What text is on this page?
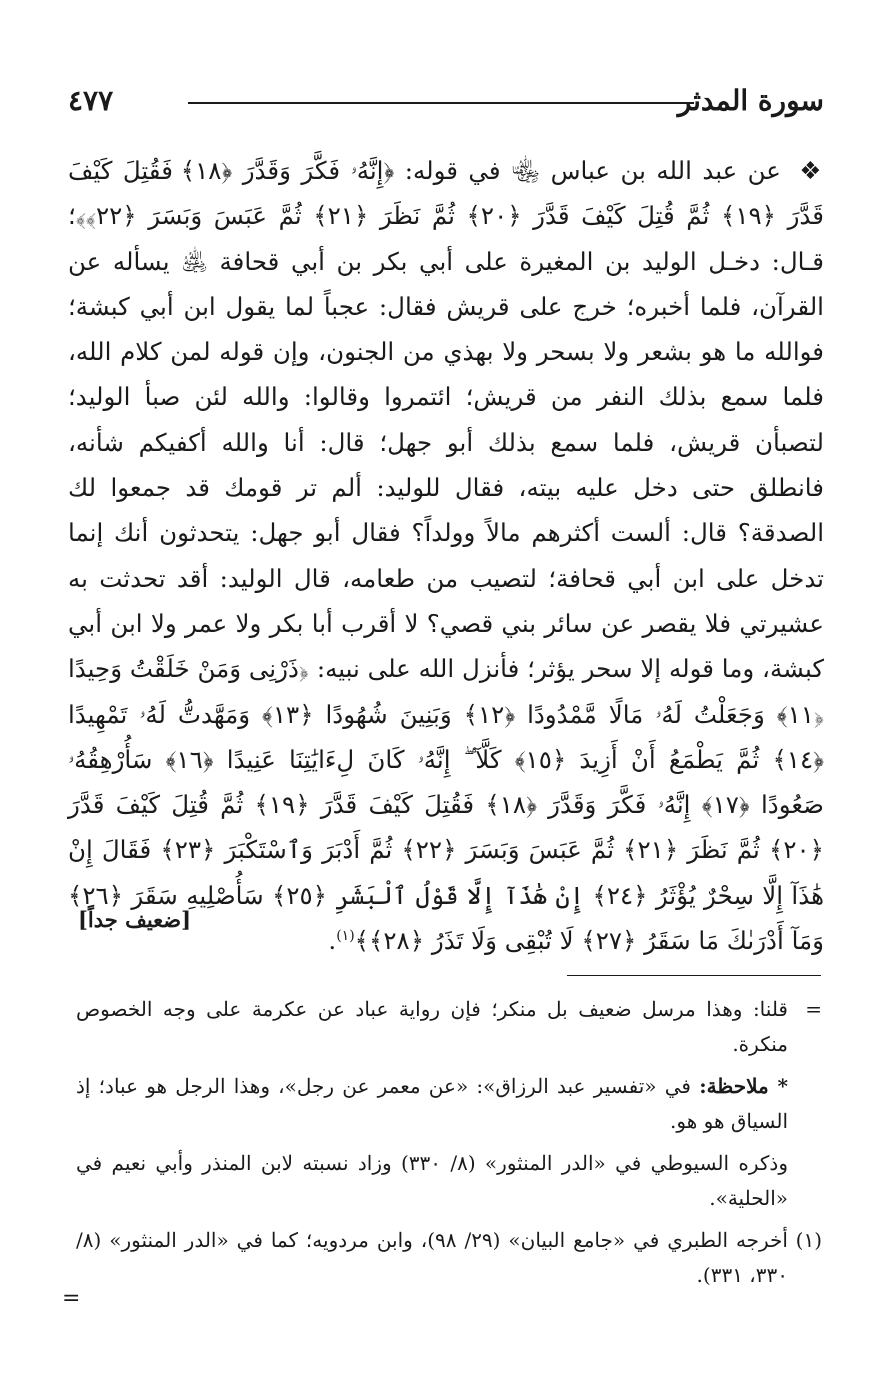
٤٧٧	سورة المدثر

❖ عن عبد الله بن عباس ﵄ في قوله: ﴿إِنَّهُۥ فَكَّرَ وَقَدَّرَ ﴿١٨﴾ فَقُتِلَ كَيْفَ قَدَّرَ ﴿١٩﴾ ثُمَّ قُتِلَ كَيْفَ قَدَّرَ ﴿٢٠﴾ ثُمَّ نَظَرَ ﴿٢١﴾ ثُمَّ عَبَسَ وَبَسَرَ ﴿٢٢﴾﴾؛ قـال: دخـل الوليد بن المغيرة على أبي بكر بن أبي قحافة ﵁ يسأله عن القرآن، فلما أخبره؛ خرج على قريش فقال: عجباً لما يقول ابن أبي كبشة؛ فوالله ما هو بشعر ولا بسحر ولا بهذي من الجنون، وإن قوله لمن كلام الله، فلما سمع بذلك النفر من قريش؛ ائتمروا وقالوا: والله لئن صبأ الوليد؛ لتصبأن قريش، فلما سمع بذلك أبو جهل؛ قال: أنا والله أكفيكم شأنه، فانطلق حتى دخل عليه بيته، فقال للوليد: ألم تر قومك قد جمعوا لك الصدقة؟ قال: ألست أكثرهم مالاً وولداً؟ فقال أبو جهل: يتحدثون أنك إنما تدخل على ابن أبي قحافة؛ لتصيب من طعامه، قال الوليد: أقد تحدثت به عشيرتي فلا يقصر عن سائر بني قصي؟ لا أقرب أبا بكر ولا عمر ولا ابن أبي كبشة، وما قوله إلا سحر يؤثر؛ فأنزل الله على نبيه: ﴿ذَرْنِى وَمَنْ خَلَقْتُ وَحِيدًا ﴿١١﴾ وَجَعَلْتُ لَهُۥ مَالًا مَّمْدُودًا ﴿١٢﴾ وَبَنِينَ شُهُودًا ﴿١٣﴾ وَمَهَّدتُّ لَهُۥ تَمْهِيدًا ﴿١٤﴾ ثُمَّ يَطْمَعُ أَنْ أَزِيدَ ﴿١٥﴾ كَلَّآ ۖ إِنَّهُۥ كَانَ لِءَايَٰتِنَا عَنِيدًا ﴿١٦﴾ سَأُرْهِقُهُۥ صَعُودًا ﴿١٧﴾ إِنَّهُۥ فَكَّرَ وَقَدَّرَ ﴿١٨﴾ فَقُتِلَ كَيْفَ قَدَّرَ ﴿١٩﴾ ثُمَّ قُتِلَ كَيْفَ قَدَّرَ ﴿٢٠﴾ ثُمَّ نَظَرَ ﴿٢١﴾ ثُمَّ عَبَسَ وَبَسَرَ ﴿٢٢﴾ ثُمَّ أَدْبَرَ وَٱسْتَكْبَرَ ﴿٢٣﴾ فَقَالَ إِنْ هَٰذَآ إِلَّا سِحْرٌ يُؤْثَرُ ﴿٢٤﴾ إِنْ هَٰذَآ إِلَّا قَوْلُ ٱلْبَشَرِ ﴿٢٥﴾ سَأُصْلِيهِ سَقَرَ ﴿٢٦﴾ وَمَآ أَدْرَىٰكَ مَا سَقَرُ ﴿٢٧﴾ لَا تُبْقِى وَلَا تَذَرُ ﴿٢٨﴾﴾$^{(١)}$.

[ضعيف جداً]
=
قلنا: وهذا مرسل ضعيف بل منكر؛ فإن رواية عباد عن عكرمة على وجه الخصوص منكرة.
* ملاحظة: في «تفسير عبد الرزاق»: «عن معمر عن رجل»، وهذا الرجل هو عباد؛ إذ السياق هو هو.
وذكره السيوطي في «الدر المنثور» (٨/ ٣٣٠) وزاد نسبته لابن المنذر وأبي نعيم في «الحلية».
(١)
أخرجه الطبري في «جامع البيان» (٢٩/ ٩٨)، وابن مردويه؛ كما في «الدر المنثور» (٨/ ٣٣٠، ٣٣١).
=
